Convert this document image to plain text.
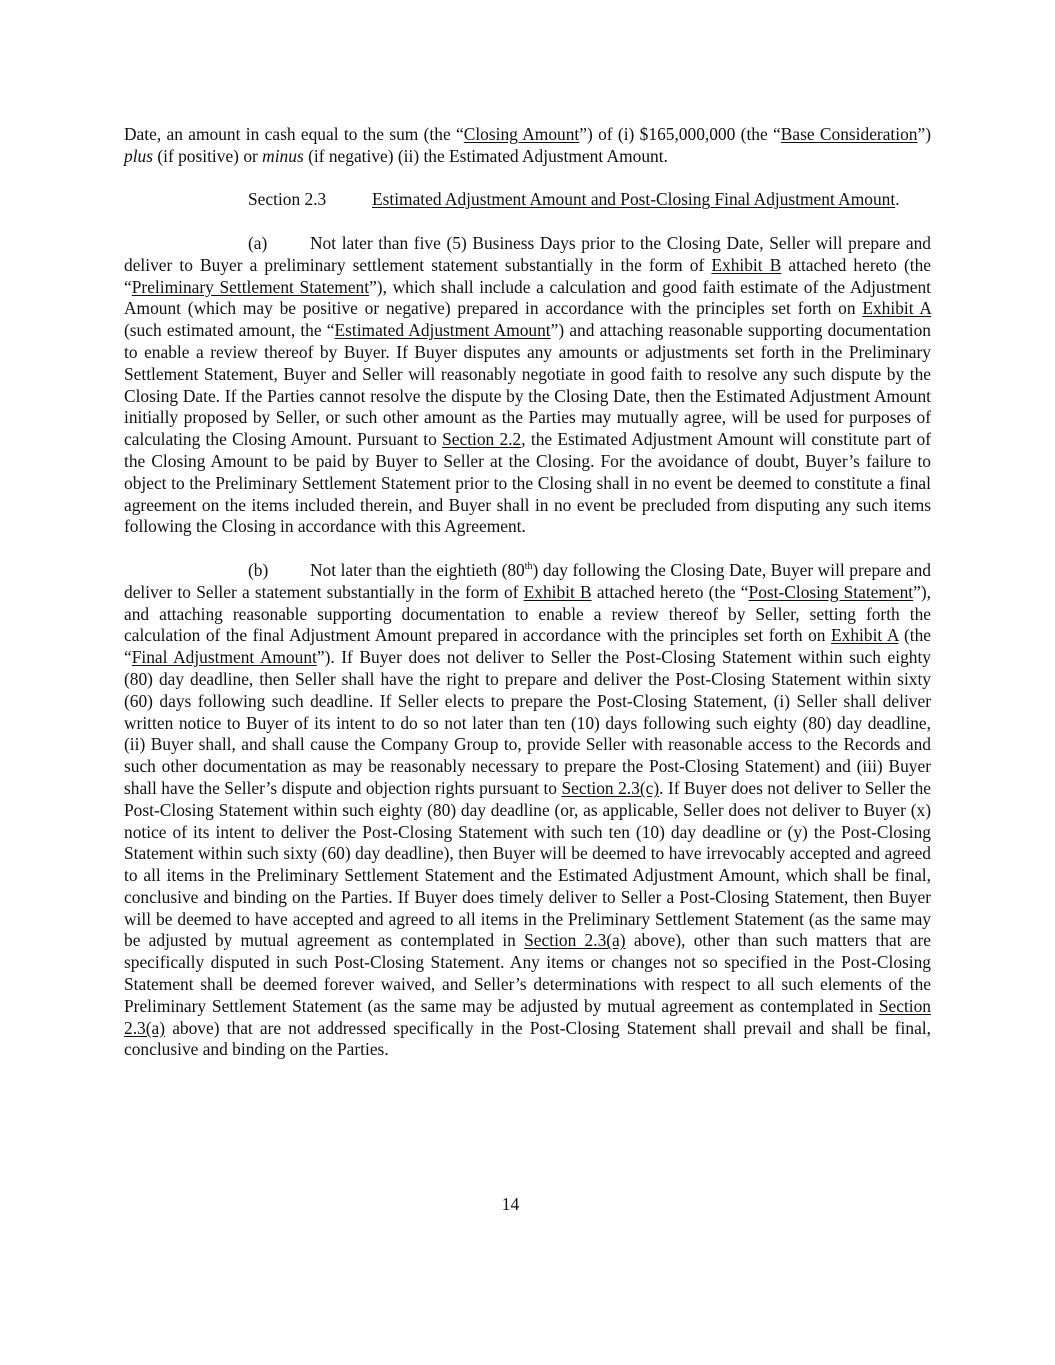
Date, an amount in cash equal to the sum (the “Closing Amount”) of (i) $165,000,000 (the “Base Consideration”) plus (if positive) or minus (if negative) (ii) the Estimated Adjustment Amount.

Section 2.3	Estimated Adjustment Amount and Post-Closing Final Adjustment Amount.

(a) Not later than five (5) Business Days prior to the Closing Date, Seller will prepare and deliver to Buyer a preliminary settlement statement substantially in the form of Exhibit B attached hereto (the “Preliminary Settlement Statement”), which shall include a calculation and good faith estimate of the Adjustment Amount (which may be positive or negative) prepared in accordance with the principles set forth on Exhibit A (such estimated amount, the “Estimated Adjustment Amount”) and attaching reasonable supporting documentation to enable a review thereof by Buyer. If Buyer disputes any amounts or adjustments set forth in the Preliminary Settlement Statement, Buyer and Seller will reasonably negotiate in good faith to resolve any such dispute by the Closing Date. If the Parties cannot resolve the dispute by the Closing Date, then the Estimated Adjustment Amount initially proposed by Seller, or such other amount as the Parties may mutually agree, will be used for purposes of calculating the Closing Amount. Pursuant to Section 2.2, the Estimated Adjustment Amount will constitute part of the Closing Amount to be paid by Buyer to Seller at the Closing. For the avoidance of doubt, Buyer’s failure to object to the Preliminary Settlement Statement prior to the Closing shall in no event be deemed to constitute a final agreement on the items included therein, and Buyer shall in no event be precluded from disputing any such items following the Closing in accordance with this Agreement.

(b) Not later than the eightieth (80th) day following the Closing Date, Buyer will prepare and deliver to Seller a statement substantially in the form of Exhibit B attached hereto (the “Post-Closing Statement”), and attaching reasonable supporting documentation to enable a review thereof by Seller, setting forth the calculation of the final Adjustment Amount prepared in accordance with the principles set forth on Exhibit A (the “Final Adjustment Amount”). If Buyer does not deliver to Seller the Post-Closing Statement within such eighty (80) day deadline, then Seller shall have the right to prepare and deliver the Post-Closing Statement within sixty (60) days following such deadline. If Seller elects to prepare the Post-Closing Statement, (i) Seller shall deliver written notice to Buyer of its intent to do so not later than ten (10) days following such eighty (80) day deadline, (ii) Buyer shall, and shall cause the Company Group to, provide Seller with reasonable access to the Records and such other documentation as may be reasonably necessary to prepare the Post-Closing Statement) and (iii) Buyer shall have the Seller’s dispute and objection rights pursuant to Section 2.3(c). If Buyer does not deliver to Seller the Post-Closing Statement within such eighty (80) day deadline (or, as applicable, Seller does not deliver to Buyer (x) notice of its intent to deliver the Post-Closing Statement with such ten (10) day deadline or (y) the Post-Closing Statement within such sixty (60) day deadline), then Buyer will be deemed to have irrevocably accepted and agreed to all items in the Preliminary Settlement Statement and the Estimated Adjustment Amount, which shall be final, conclusive and binding on the Parties. If Buyer does timely deliver to Seller a Post-Closing Statement, then Buyer will be deemed to have accepted and agreed to all items in the Preliminary Settlement Statement (as the same may be adjusted by mutual agreement as contemplated in Section 2.3(a) above), other than such matters that are specifically disputed in such Post-Closing Statement. Any items or changes not so specified in the Post-Closing Statement shall be deemed forever waived, and Seller’s determinations with respect to all such elements of the Preliminary Settlement Statement (as the same may be adjusted by mutual agreement as contemplated in Section 2.3(a) above) that are not addressed specifically in the Post-Closing Statement shall prevail and shall be final, conclusive and binding on the Parties.

14
